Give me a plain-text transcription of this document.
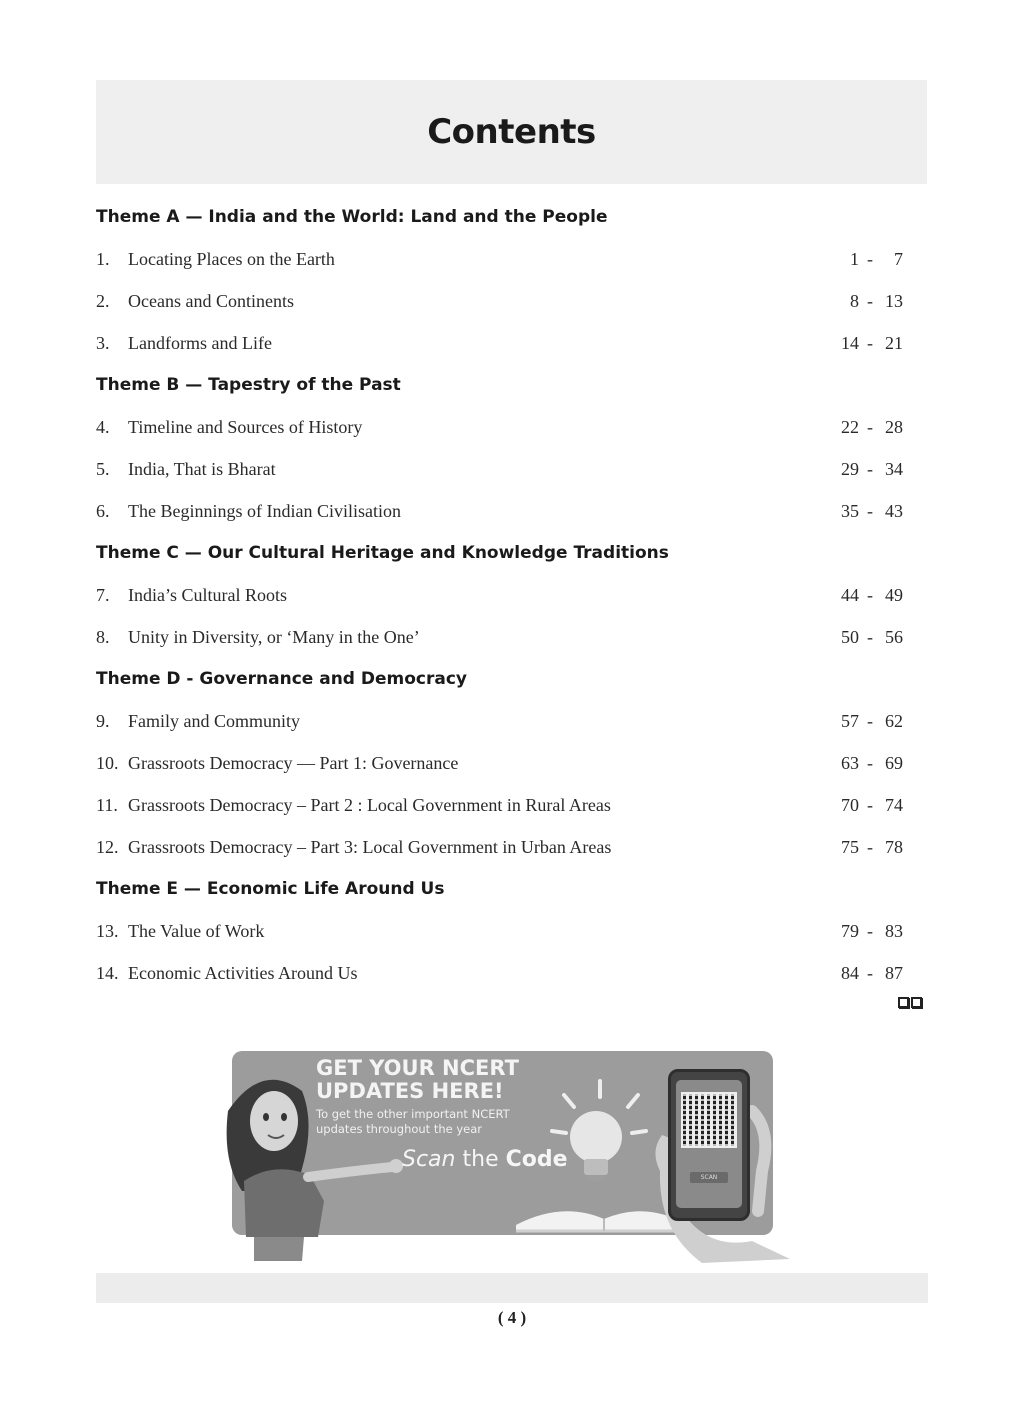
Contents
Theme A — India and the World: Land and the People
1.	Locating Places on the Earth	1 - 7
2.	Oceans and Continents	8 - 13
3.	Landforms and Life	14 - 21
Theme B — Tapestry of the Past
4.	Timeline and Sources of History	22 - 28
5.	India, That is Bharat	29 - 34
6.	The Beginnings of Indian Civilisation	35 - 43
Theme C — Our Cultural Heritage and Knowledge Traditions
7.	India’s Cultural Roots	44 - 49
8.	Unity in Diversity, or ‘Many in the One’	50 - 56
Theme D - Governance and Democracy
9.	Family and Community	57 - 62
10. Grassroots Democracy — Part 1: Governance	63 - 69
11. Grassroots Democracy – Part 2 : Local Government in Rural Areas	70 - 74
12. Grassroots Democracy – Part 3: Local Government in Urban Areas	75 - 78
Theme E — Economic Life Around Us
13. The Value of Work	79 - 83
14. Economic Activities Around Us	84 - 87
GET YOUR NCERT
UPDATES HERE!
To get the other important NCERT
updates throughout the year
Scan the Code
SCAN
( 4 )
